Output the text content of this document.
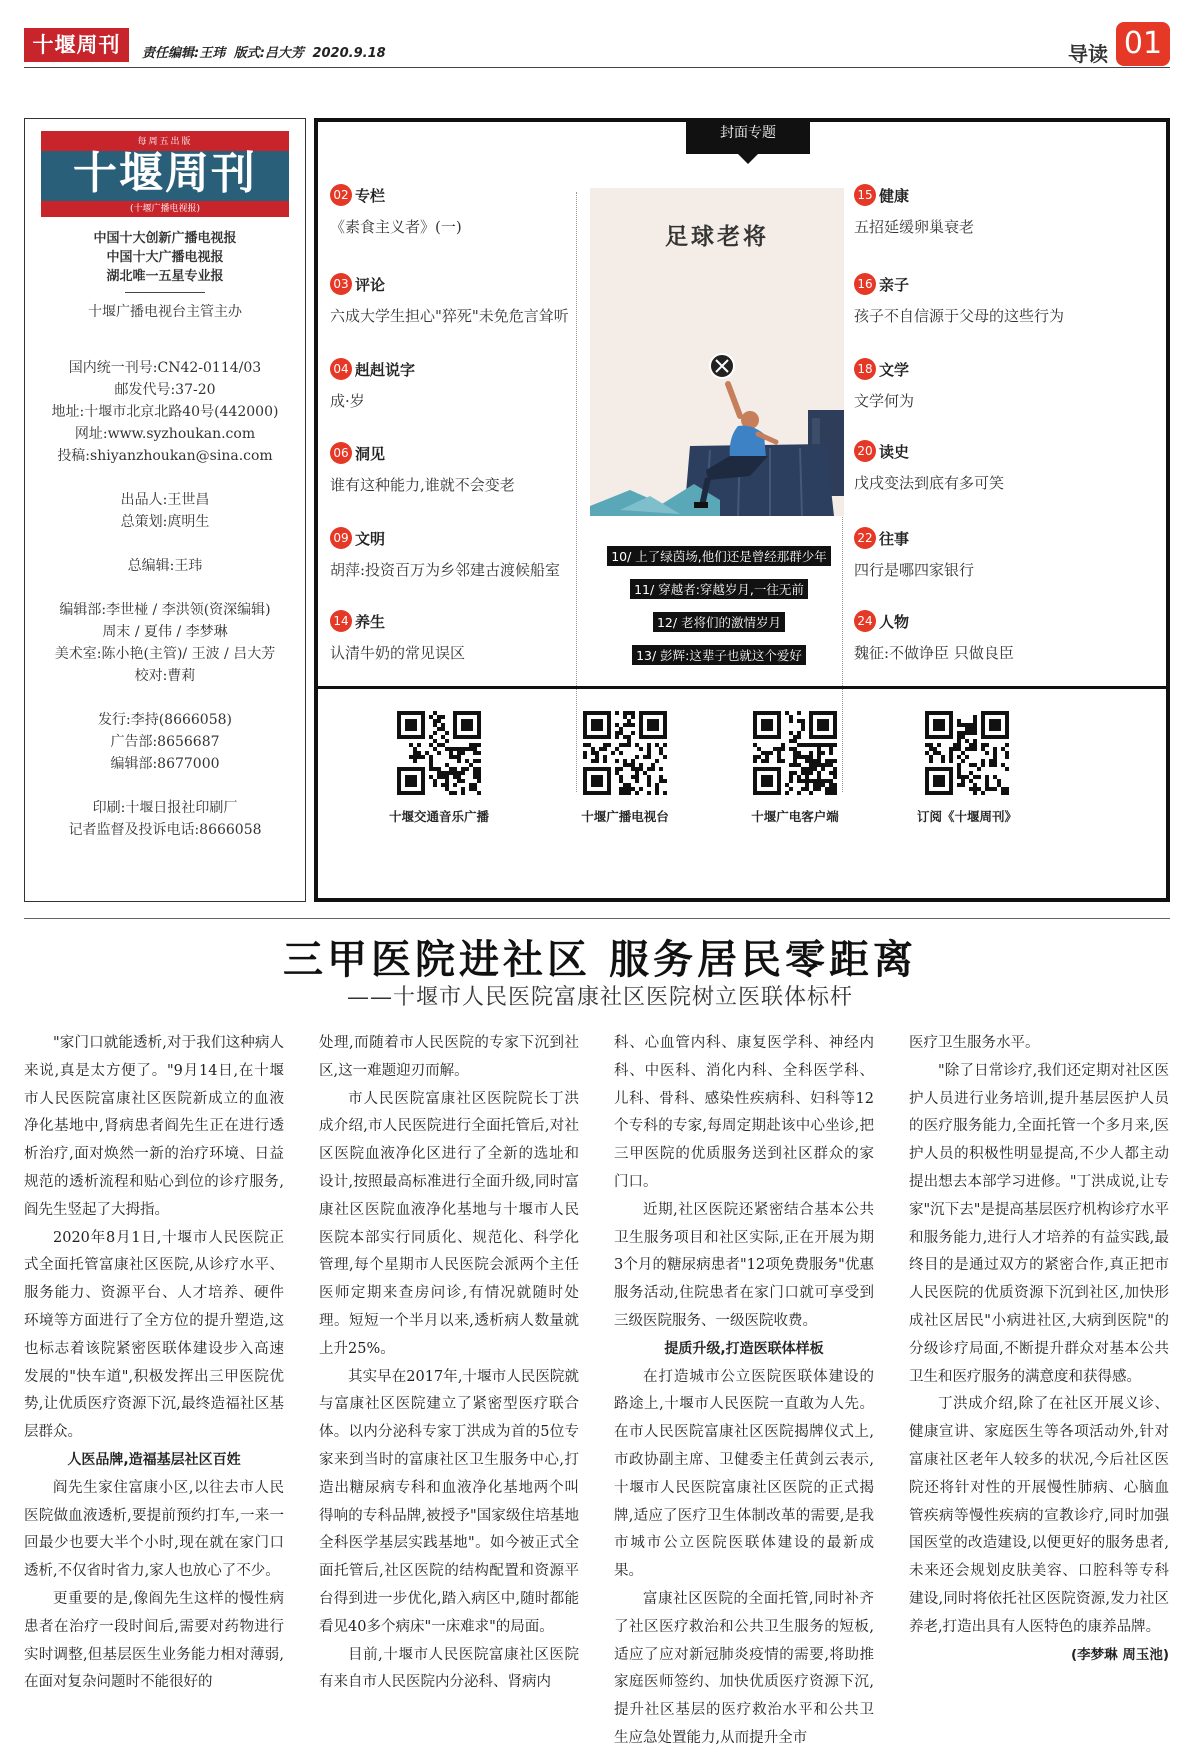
十堰周刊	责任编辑:王玮 版式:吕大芳 2020.9.18	导读 01
每周五出版
十堰周刊
(十堰广播电视报)
中国十大创新广播电视报
中国十大广播电视报
湖北唯一五星专业报
十堰广播电视台主管主办
国内统一刊号:CN42-0114/03
邮发代号:37-20
地址:十堰市北京北路40号(442000)
网址:www.syzhoukan.com
投稿:shiyanzhoukan@sina.com
出品人:王世昌
总策划:庹明生
总编辑:王玮
编辑部:李世椪 / 李洪领(资深编辑)
周末 / 夏伟 / 李梦琳
美术室:陈小艳(主管)/ 王波 / 吕大芳
校对:曹莉
发行:李持(8666058)
广告部:8656687
编辑部:8677000
印刷:十堰日报社印刷厂
记者监督及投诉电话:8666058
封面专题
02 专栏
《素食主义者》(一)
03 评论
六成大学生担心"猝死"未免危言耸听
04 赳赳说字
成·岁
06 洞见
谁有这种能力,谁就不会变老
09 文明
胡萍:投资百万为乡邻建古渡候船室
14 养生
认清牛奶的常见误区
足球老将
10/ 上了绿茵场,他们还是曾经那群少年 11/ 穿越者:穿越岁月,一往无前 12/ 老将们的激情岁月 13/ 彭辉:这辈子也就这个爱好
15 健康
五招延缓卵巢衰老
16 亲子
孩子不自信源于父母的这些行为
18 文学
文学何为
20 读史
戊戌变法到底有多可笑
22 往事
四行是哪四家银行
24 人物
魏征:不做诤臣 只做良臣
十堰交通音乐广播	十堰广播电视台	十堰广电客户端	订阅《十堰周刊》
三甲医院进社区 服务居民零距离
——十堰市人民医院富康社区医院树立医联体标杆

"家门口就能透析,对于我们这种病人来说,真是太方便了。"9月14日,在十堰市人民医院富康社区医院新成立的血液净化基地中,肾病患者阎先生正在进行透析治疗,面对焕然一新的治疗环境、日益规范的透析流程和贴心到位的诊疗服务,阎先生竖起了大拇指。

2020年8月1日,十堰市人民医院正式全面托管富康社区医院,从诊疗水平、服务能力、资源平台、人才培养、硬件环境等方面进行了全方位的提升塑造,这也标志着该院紧密医联体建设步入高速发展的"快车道",积极发挥出三甲医院优势,让优质医疗资源下沉,最终造福社区基层群众。

人医品牌,造福基层社区百姓

阎先生家住富康小区,以往去市人民医院做血液透析,要提前预约打车,一来一回最少也要大半个小时,现在就在家门口透析,不仅省时省力,家人也放心了不少。

更重要的是,像阎先生这样的慢性病患者在治疗一段时间后,需要对药物进行实时调整,但基层医生业务能力相对薄弱,在面对复杂问题时不能很好的

处理,而随着市人民医院的专家下沉到社区,这一难题迎刃而解。

市人民医院富康社区医院院长丁洪成介绍,市人民医院进行全面托管后,对社区医院血液净化区进行了全新的选址和设计,按照最高标准进行全面升级,同时富康社区医院血液净化基地与十堰市人民医院本部实行同质化、规范化、科学化管理,每个星期市人民医院会派两个主任医师定期来查房问诊,有情况就随时处理。短短一个半月以来,透析病人数量就上升25%。

其实早在2017年,十堰市人民医院就与富康社区医院建立了紧密型医疗联合体。以内分泌科专家丁洪成为首的5位专家来到当时的富康社区卫生服务中心,打造出糖尿病专科和血液净化基地两个叫得响的专科品牌,被授予"国家级住培基地全科医学基层实践基地"。如今被正式全面托管后,社区医院的结构配置和资源平台得到进一步优化,踏入病区中,随时都能看见40多个病床"一床难求"的局面。

目前,十堰市人民医院富康社区医院有来自市人民医院内分泌科、肾病内

科、心血管内科、康复医学科、神经内科、中医科、消化内科、全科医学科、儿科、骨科、感染性疾病科、妇科等12个专科的专家,每周定期赴该中心坐诊,把三甲医院的优质服务送到社区群众的家门口。

近期,社区医院还紧密结合基本公共卫生服务项目和社区实际,正在开展为期3个月的糖尿病患者"12项免费服务"优惠服务活动,住院患者在家门口就可享受到三级医院服务、一级医院收费。

提质升级,打造医联体样板

在打造城市公立医院医联体建设的路途上,十堰市人民医院一直敢为人先。在市人民医院富康社区医院揭牌仪式上,市政协副主席、卫健委主任黄剑云表示,十堰市人民医院富康社区医院的正式揭牌,适应了医疗卫生体制改革的需要,是我市城市公立医院医联体建设的最新成果。

富康社区医院的全面托管,同时补齐了社区医疗救治和公共卫生服务的短板,适应了应对新冠肺炎疫情的需要,将助推家庭医师签约、加快优质医疗资源下沉,提升社区基层的医疗救治水平和公共卫生应急处置能力,从而提升全市

医疗卫生服务水平。

"除了日常诊疗,我们还定期对社区医护人员进行业务培训,提升基层医护人员的医疗服务能力,全面托管一个多月来,医护人员的积极性明显提高,不少人都主动提出想去本部学习进修。"丁洪成说,让专家"沉下去"是提高基层医疗机构诊疗水平和服务能力,进行人才培养的有益实践,最终目的是通过双方的紧密合作,真正把市人民医院的优质资源下沉到社区,加快形成社区居民"小病进社区,大病到医院"的分级诊疗局面,不断提升群众对基本公共卫生和医疗服务的满意度和获得感。

丁洪成介绍,除了在社区开展义诊、健康宣讲、家庭医生等各项活动外,针对富康社区老年人较多的状况,今后社区医院还将针对性的开展慢性肺病、心脑血管疾病等慢性疾病的宣教诊疗,同时加强国医堂的改造建设,以便更好的服务患者,未来还会规划皮肤美容、口腔科等专科建设,同时将依托社区医院资源,发力社区养老,打造出具有人医特色的康养品牌。

(李梦琳 周玉池)
